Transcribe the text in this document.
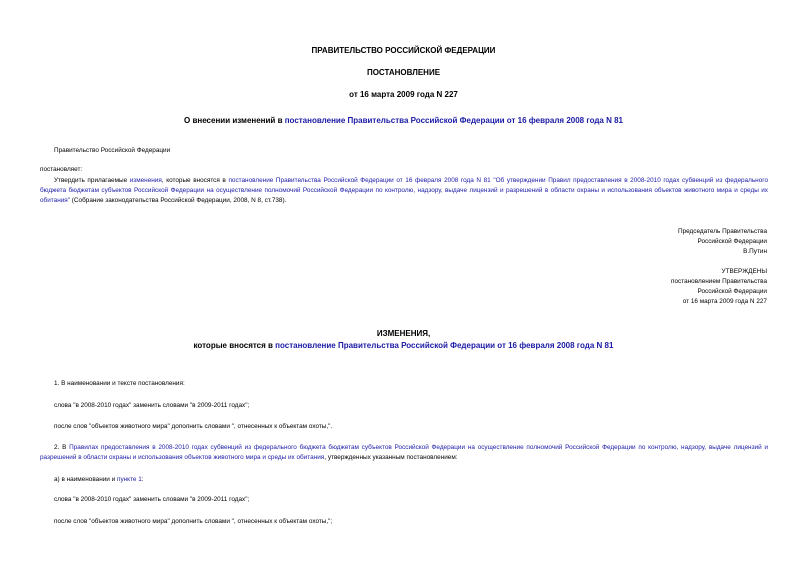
ПРАВИТЕЛЬСТВО РОССИЙСКОЙ ФЕДЕРАЦИИ
ПОСТАНОВЛЕНИЕ
от 16 марта 2009 года N 227
О внесении изменений в постановление Правительства Российской Федерации от 16 февраля 2008 года N 81
Правительство Российской Федерации
постановляет:
Утвердить прилагаемые изменения, которые вносятся в постановление Правительства Российской Федерации от 16 февраля 2008 года N 81 "Об утверждении Правил предоставления в 2008-2010 годах субвенций из федерального бюджета бюджетам субъектов Российской Федерации на осуществление полномочий Российской Федерации по контролю, надзору, выдаче лицензий и разрешений в области охраны и использования объектов животного мира и среды их обитания" (Собрание законодательства Российской Федерации, 2008, N 8, ст.738).
Председатель Правительства
Российской Федерации
В.Путин
УТВЕРЖДЕНЫ
постановлением Правительства
Российской Федерации
от 16 марта 2009 года N 227
ИЗМЕНЕНИЯ,
которые вносятся в постановление Правительства Российской Федерации от 16 февраля 2008 года N 81
1. В наименовании и тексте постановления:
слова "в 2008-2010 годах" заменить словами "в 2009-2011 годах";
после слов "объектов животного мира" дополнить словами ", отнесенных к объектам охоты,".
2. В Правилах предоставления в 2008-2010 годах субвенций из федерального бюджета бюджетам субъектов Российской Федерации на осуществление полномочий Российской Федерации по контролю, надзору, выдаче лицензий и разрешений в области охраны и использования объектов животного мира и среды их обитания, утвержденных указанным постановлением:
а) в наименовании и пункте 1:
слова "в 2008-2010 годах" заменить словами "в 2009-2011 годах";
после слов "объектов животного мира" дополнить словами ", отнесенных к объектам охоты,";
